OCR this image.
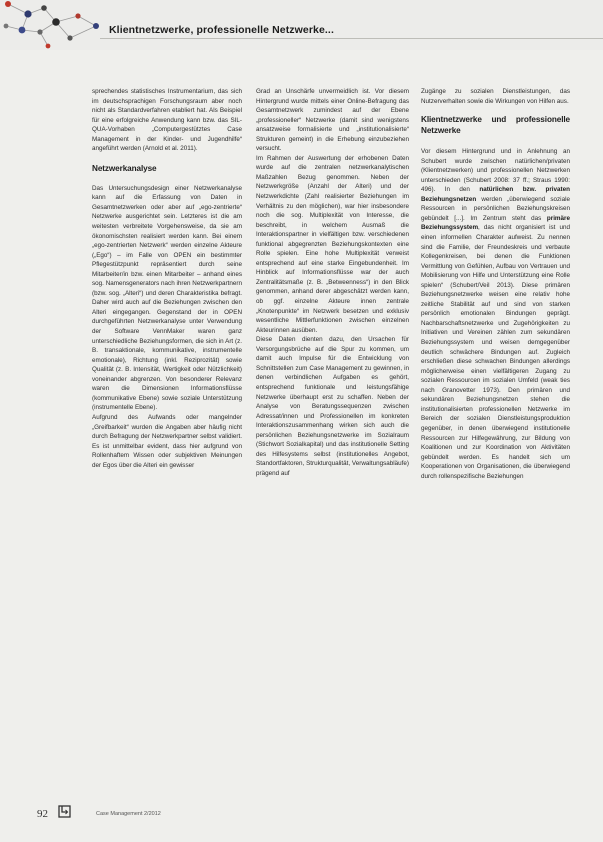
Klientnetzwerke, professionelle Netzwerke...

sprechendes statistisches Instrumentarium, das sich im deutschsprachigen Forschungsraum aber noch nicht als Standardverfahren etabliert hat. Als Beispiel für eine erfolgreiche Anwendung kann bzw. das SIL-QUA-Vorhaben „Computergestütztes Case Management in der Kinder- und Jugendhilfe“ angeführt werden (Arnold et al. 2011).

Netzwerkanalyse

Das Untersuchungsdesign einer Netzwerkanalyse kann auf die Erfassung von Daten in Gesamtnetzwerken oder aber auf „ego-zentrierte“ Netzwerke ausgerichtet sein. Letzteres ist die am weitesten verbreitete Vorgehensweise, da sie am ökonomischsten realisiert werden kann. Bei einem „ego-zentrierten Netzwerk“ werden einzelne Akteure („Ego“) – im Falle von OPEN ein bestimmter Pflegestützpunkt repräsentiert durch seine Mitarbeiter/in bzw. einen Mitarbeiter – anhand eines sog. Namensgenerators nach ihren Netzwerkpartnern (bzw. sog. „Alteri“) und deren Charakteristika befragt. Daher wird auch auf die Beziehungen zwischen den Alteri eingegangen. Gegenstand der in OPEN durchgeführten Netzwerkanalyse unter Verwendung der Software VennMaker waren ganz unterschiedliche Beziehungsformen, die sich in Art (z. B. transaktionale, kommunikative, instrumentelle emotionale), Richtung (inkl. Reziprozität) sowie Qualität (z. B. Intensität, Wertigkeit oder Nützlichkeit) voneinander abgrenzen. Von besonderer Relevanz waren die Dimensionen Informationsflüsse (kommunikative Ebene) sowie soziale Unterstützung (instrumentelle Ebene).

Aufgrund des Aufwands oder mangelnder „Greifbarkeit“ wurden die Angaben aber häufig nicht durch Befragung der Netzwerkpartner selbst validiert. Es ist unmittelbar evident, dass hier aufgrund von Rollenhaftem Wissen oder subjektiven Meinungen der Egos über die Alteri ein gewisser

Grad an Unschärfe unvermeidlich ist. Vor diesem Hintergrund wurde mittels einer Online-Befragung das Gesamtnetzwerk zumindest auf der Ebene „professioneller“ Netzwerke (damit sind wenigstens ansatzweise formalisierte und „institutionalisierte“ Strukturen gemeint) in die Erhebung einzubeziehen versucht.

Im Rahmen der Auswertung der erhobenen Daten wurde auf die zentralen netzwerkanalytischen Maßzahlen Bezug genommen. Neben der Netzwerkgröße (Anzahl der Alteri) und der Netzwerkdichte (Zahl realisierter Beziehungen im Verhältnis zu den möglichen), war hier insbesondere noch die sog. Multiplexität von Interesse, die beschreibt, in welchem Ausmaß die Interaktionspartner in vielfältigen bzw. verschiedenen funktional abgegrenzten Beziehungskontexten eine Rolle spielen. Eine hohe Multiplexität verweist entsprechend auf eine starke Eingebundenheit. Im Hinblick auf Informationsflüsse war der auch Zentralitätsmaße (z. B. „Betweenness“) in den Blick genommen, anhand derer abgeschätzt werden kann, ob ggf. einzelne Akteure innen zentrale „Knotenpunkte“ im Netzwerk besetzen und exklusiv wesentliche Mittlerfunktionen zwischen einzelnen Akteurinnen ausüben.

Diese Daten dienten dazu, den Ursachen für Versorgungsbrüche auf die Spur zu kommen, um damit auch Impulse für die Entwicklung von Schnittstellen zum Case Management zu gewinnen, in denen verbindlichen Aufgaben es gehört, entsprechend funktionale und leistungsfähige Netzwerke überhaupt erst zu schaffen. Neben der Analyse von Beratungssequenzen zwischen Adressat/innen und Professionellen im konkreten Interaktionszusammenhang wirken sich auch die persönlichen Beziehungsnetzwerke im Sozialraum (Stichwort Sozialkapital) und das institutionelle Setting des Hilfesystems selbst (institutionelles Angebot, Standortfaktoren, Strukturqualität, Verwaltungsabläufe) prägend auf

Zugänge zu sozialen Dienstleistungen, das Nutzerverhalten sowie die Wirkungen von Hilfen aus.

Klientnetzwerke und professionelle Netzwerke

Vor diesem Hintergrund und in Anlehnung an Schubert wurde zwischen natürlichen/privaten (Klientnetzwerken) und professionellen Netzwerken unterschieden (Schubert 2008: 37 ff.; Straus 1990: 496). In den natürlichen bzw. privaten Beziehungsnetzen werden „überwiegend soziale Ressourcen in persönlichen Beziehungskreisen gebündelt [...]. Im Zentrum steht das primäre Beziehungssystem, das nicht organisiert ist und einen informellen Charakter aufweist. Zu nennen sind die Familie, der Freundeskreis und verbaute Kollegenkreisen, bei denen die Funktionen Vermittlung von Gefühlen, Aufbau von Vertrauen und Mobilisierung von Hilfe und Unterstützung eine Rolle spielen“ (Schubert/Veil 2013). Diese primären Beziehungsnetzwerke weisen eine relativ hohe zeitliche Stabilität auf und sind von starken persönlich emotionalen Bindungen geprägt. Nachbarschaftsnetzwerke und Zugehörigkeiten zu Initiativen und Vereinen zählen zum sekundären Beziehungssystem und weisen demgegenüber deutlich schwächere Bindungen auf. Zugleich erschließen diese schwachen Bindungen allerdings möglicherweise einen vielfältigeren Zugang zu sozialen Ressourcen im sozialen Umfeld (weak ties nach Granovetter 1973). Den primären und sekundären Beziehungsnetzen stehen die institutionalisierten professionellen Netzwerke im Bereich der sozialen Dienstleistungsproduktion gegenüber, in denen überwiegend institutionelle Ressourcen zur Hilfegewährung, zur Bildung von Koalitionen und zur Koordination von Aktivitäten gebündelt werden. Es handelt sich um Kooperationen von Organisationen, die überwiegend durch rollenspezifische Beziehungen

92	Case Management 2/2012
